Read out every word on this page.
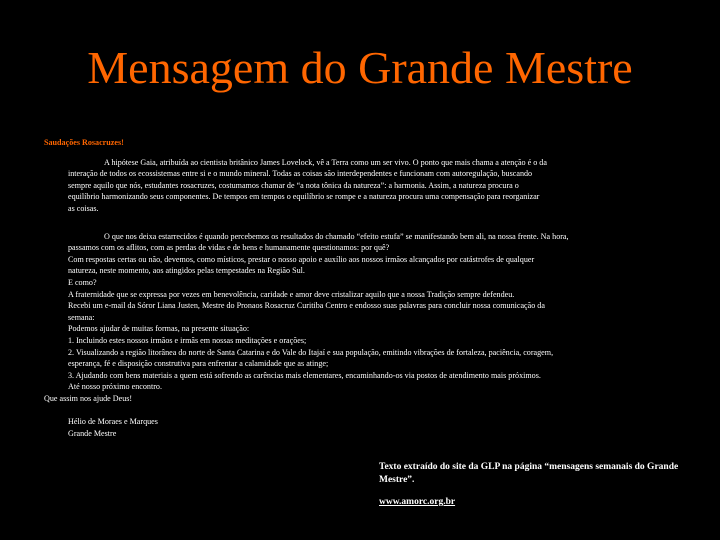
Mensagem do Grande Mestre
Saudações Rosacruzes!
A hipótese Gaia, atribuída ao cientista britânico James Lovelock, vê a Terra como um ser vivo. O ponto que mais chama a atenção é o da
interação de todos os ecossistemas entre si e o mundo mineral. Todas as coisas são interdependentes e funcionam com autoregulação, buscando
sempre aquilo que nós, estudantes rosacruzes, costumamos chamar de “a nota tônica da natureza”: a harmonia. Assim, a natureza procura o
equilíbrio harmonizando seus componentes. De tempos em tempos o equilíbrio se rompe e a natureza procura uma compensação para reorganizar
as coisas.
O que nos deixa estarrecidos é quando percebemos os resultados do chamado “efeito estufa” se manifestando bem ali, na nossa frente. Na hora,
passamos com os aflitos, com as perdas de vidas e de bens e humanamente questionamos: por quê?
Com respostas certas ou não, devemos, como místicos, prestar o nosso apoio e auxílio aos nossos irmãos alcançados por catástrofes de qualquer
natureza, neste momento, aos atingidos pelas tempestades na Região Sul.
E como?
A fraternidade que se expressa por vezes em benevolência, caridade e amor deve cristalizar aquilo que a nossa Tradição sempre defendeu.
Recebi um e-mail da Sóror Liana Justen, Mestre do Pronaos Rosacruz Curitiba Centro e endosso suas palavras para concluir nossa comunicação da
semana:
Podemos ajudar de muitas formas, na presente situação:
1. Incluindo estes nossos irmãos e irmãs em nossas meditações e orações;
2. Visualizando a região litorânea do norte de Santa Catarina e do Vale do Itajaí e sua população, emitindo vibrações de fortaleza, paciência, coragem,
esperança, fé e disposição construtiva para enfrentar a calamidade que as atinge;
3. Ajudando com bens materiais a quem está sofrendo as carências mais elementares, encaminhando-os via postos de atendimento mais próximos.
Até nosso próximo encontro.
Que assim nos ajude Deus!
Hélio de Moraes e Marques
Grande Mestre
Texto extraído do site da GLP na página “mensagens semanais do Grande Mestre”.
www.amorc.org.br
